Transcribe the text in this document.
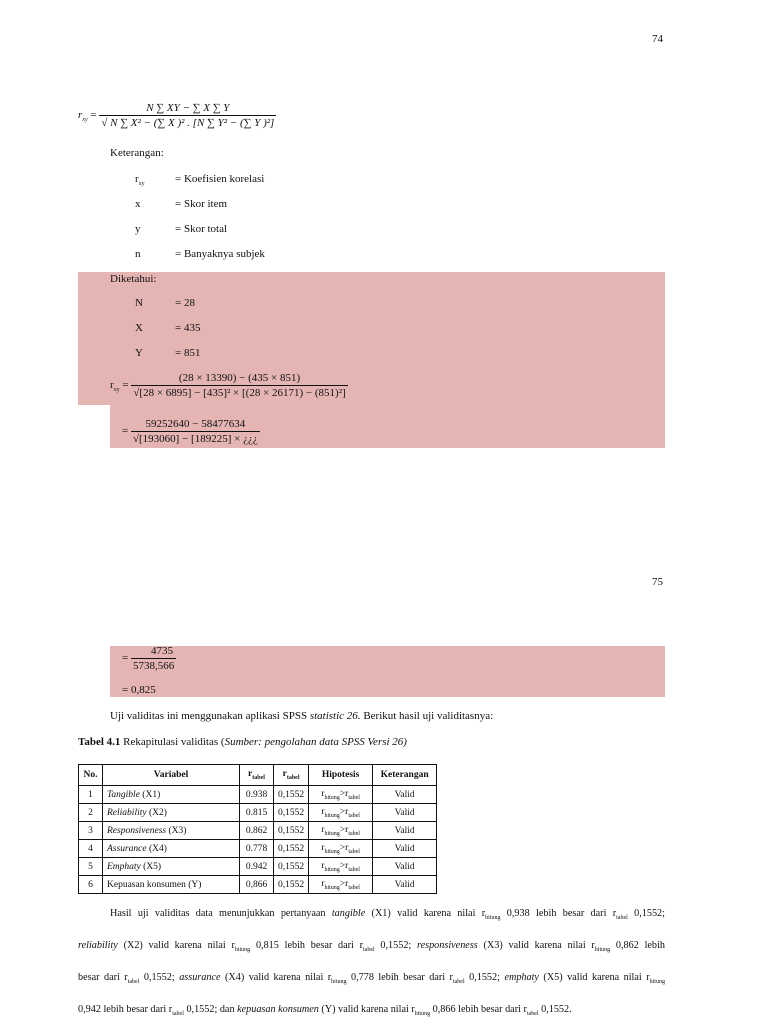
74
$r_{xy} = \frac{N \sum XY - \sum X \sum Y}{\text{√ N ∑ X² − (∑ X )² . [N ∑ Y² − (∑ Y )²]}}$
Keterangan:
$r_{xy}$	= Koefisien korelasi
x	= Skor item
y	= Skor total
n	= Banyaknya subjek
Diketahui:
N	= 28
X	= 435
Y	= 851
$r_{xy} = \frac{(28 \times 13390) - (435 \times 851)}{\text{√[28 × 6895] − [435]² × [(28 × 26171) − (851)²]}}$
= $\frac{59252640 - 58477634}{√[193060] - [189225] \times ¿¿¿}$
75
= $\frac{4735}{5738,566}$
= 0,825
Uji validitas ini menggunakan aplikasi SPSS statistic 26. Berikut hasil uji validitasnya:
Tabel 4.1 Rekapitulasi validitas (Sumber: pengolahan data SPSS Versi 26)
No.	Variabel	$r_{tabel}$	$r_{tabel}$	Hipotesis	Keterangan
1	Tangible (X1)	0.938	0,1552	$r_{hitung}>r_{tabel}$	Valid
2	Reliability (X2)	0.815	0,1552	$r_{hitung}>r_{tabel}$	Valid
3	Responsiveness (X3)	0.862	0,1552	$r_{hitung}>r_{tabel}$	Valid
4	Assurance (X4)	0.778	0,1552	$r_{hitung}>r_{tabel}$	Valid
5	Emphaty (X5)	0.942	0,1552	$r_{hitung}>r_{tabel}$	Valid
6	Kepuasan konsumen (Y)	0,866	0,1552	$r_{hitung}>r_{tabel}$	Valid
Hasil uji validitas data menunjukkan pertanyaan tangible (X1) valid karena nilai $r_{hitung}$ 0,938 lebih besar dari $r_{tabel}$ 0,1552;
reliability (X2) valid karena nilai $r_{hitung}$ 0,815 lebih besar dari $r_{tabel}$ 0,1552; responsiveness (X3) valid karena nilai $r_{hitung}$ 0,862 lebih
besar dari $r_{tabel}$ 0,1552; assurance (X4) valid karena nilai $r_{hitung}$ 0,778 lebih besar dari $r_{tabel}$ 0,1552; emphaty (X5) valid karena nilai $r_{hitung}$
0,942 lebih besar dari $r_{tabel}$ 0,1552; dan kepuasan konsumen (Y) valid karena nilai $r_{hitung}$ 0,866 lebih besar dari $r_{tabel}$ 0,1552.
